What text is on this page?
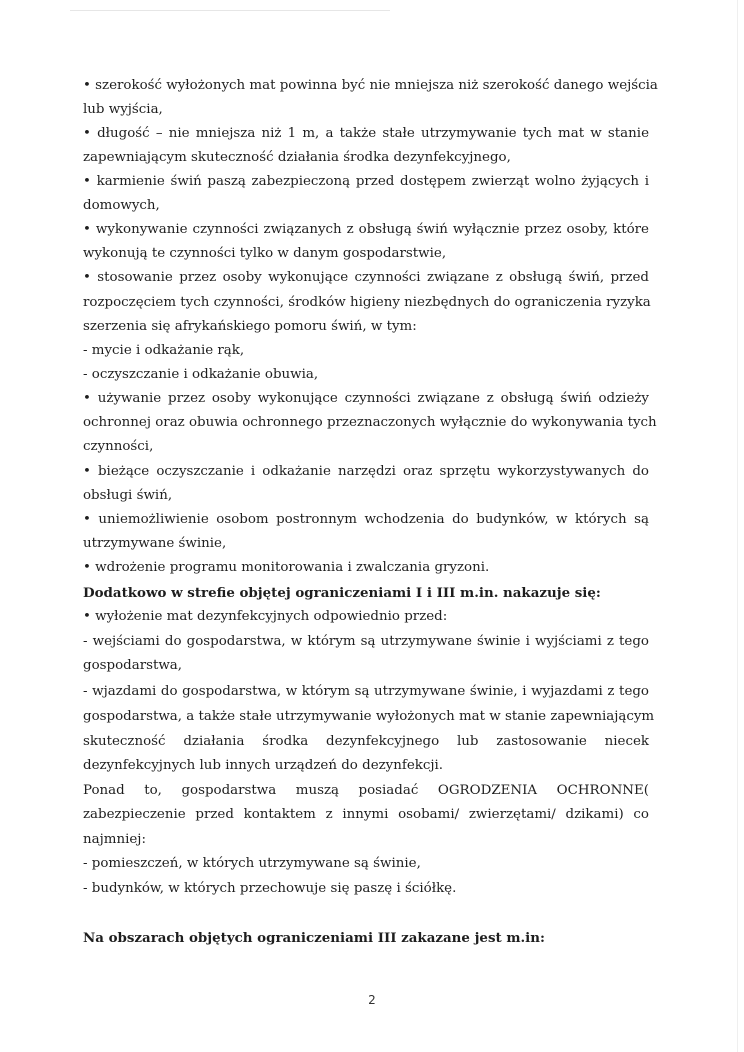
• szerokość wyłożonych mat powinna być nie mniejsza niż szerokość danego wejścia
lub wyjścia,
• długość – nie mniejsza niż 1 m, a także stałe utrzymywanie tych mat w stanie
zapewniającym skuteczność działania środka dezynfekcyjnego,
• karmienie świń paszą zabezpieczoną przed dostępem zwierząt wolno żyjących i
domowych,
• wykonywanie czynności związanych z obsługą świń wyłącznie przez osoby, które
wykonują te czynności tylko w danym gospodarstwie,
• stosowanie przez osoby wykonujące czynności związane z obsługą świń, przed
rozpoczęciem tych czynności, środków higieny niezbędnych do ograniczenia ryzyka
szerzenia się afrykańskiego pomoru świń, w tym:
- mycie i odkażanie rąk,
- oczyszczanie i odkażanie obuwia,
• używanie przez osoby wykonujące czynności związane z obsługą świń odzieży
ochronnej oraz obuwia ochronnego przeznaczonych wyłącznie do wykonywania tych
czynności,
• bieżące oczyszczanie i odkażanie narzędzi oraz sprzętu wykorzystywanych do
obsługi świń,
• uniemożliwienie osobom postronnym wchodzenia do budynków, w których są
utrzymywane świnie,
• wdrożenie programu monitorowania i zwalczania gryzoni.
Dodatkowo w strefie objętej ograniczeniami I i III m.in. nakazuje się:
• wyłożenie mat dezynfekcyjnych odpowiednio przed:
- wejściami do gospodarstwa, w którym są utrzymywane świnie i wyjściami z tego
gospodarstwa,
- wjazdami do gospodarstwa, w którym są utrzymywane świnie, i wyjazdami z tego
gospodarstwa, a także stałe utrzymywanie wyłożonych mat w stanie zapewniającym
skuteczność działania środka dezynfekcyjnego lub zastosowanie niecek
dezynfekcyjnych lub innych urządzeń do dezynfekcji.
Ponad to, gospodarstwa muszą posiadać OGRODZENIA OCHRONNE(
zabezpieczenie przed kontaktem z innymi osobami/ zwierzętami/ dzikami) co
najmniej:
- pomieszczeń, w których utrzymywane są świnie,
- budynków, w których przechowuje się paszę i ściółkę.
Na obszarach objętych ograniczeniami III zakazane jest m.in:
2
